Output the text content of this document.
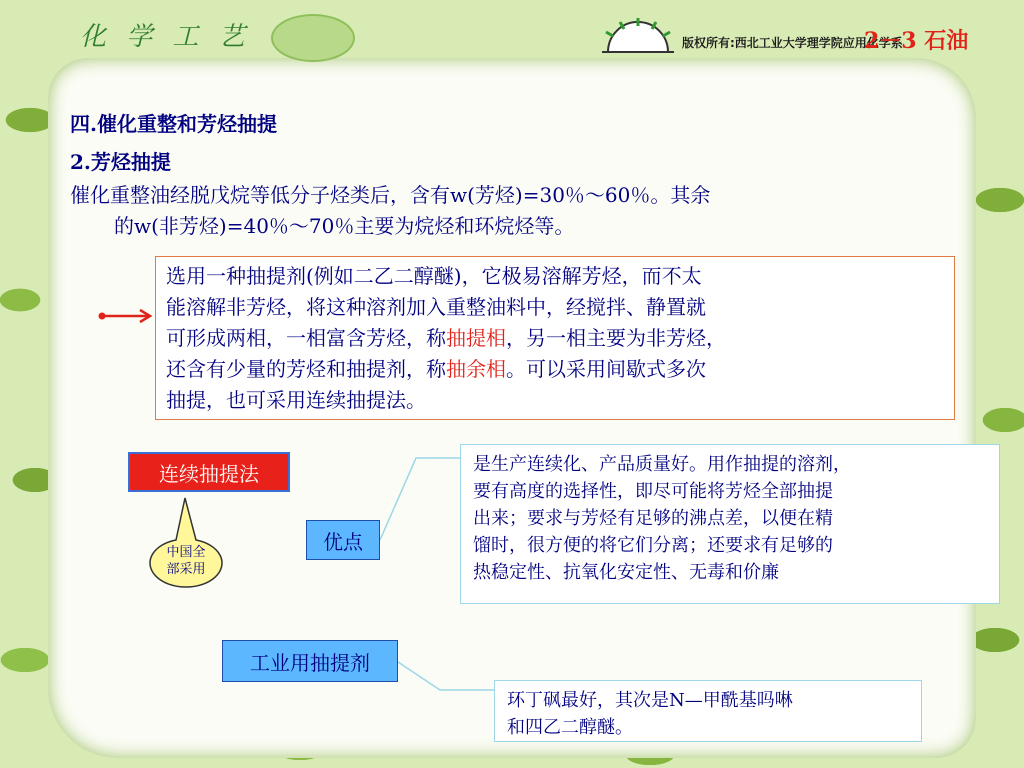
化 学 工 艺	版权所有:西北工业大学理学院应用化学系
2－3 石油
四.催化重整和芳烃抽提
2.芳烃抽提
催化重整油经脱戊烷等低分子烃类后，含有w(芳烃)=30％～60％。其余
的w(非芳烃)=40％～70％主要为烷烃和环烷烃等。
选用一种抽提剂(例如二乙二醇醚)，它极易溶解芳烃，而不太
能溶解非芳烃，将这种溶剂加入重整油料中，经搅拌、静置就
可形成两相，一相富含芳烃，称抽提相，另一相主要为非芳烃，
还含有少量的芳烃和抽提剂，称抽余相。可以采用间歇式多次
抽提，也可采用连续抽提法。
连续抽提法
中国全
部采用
优点
是生产连续化、产品质量好。用作抽提的溶剂，
要有高度的选择性，即尽可能将芳烃全部抽提
出来；要求与芳烃有足够的沸点差，以便在精
馏时，很方便的将它们分离；还要求有足够的
热稳定性、抗氧化安定性、无毒和价廉
工业用抽提剂
环丁砜最好，其次是N—甲酰基吗啉
和四乙二醇醚。
